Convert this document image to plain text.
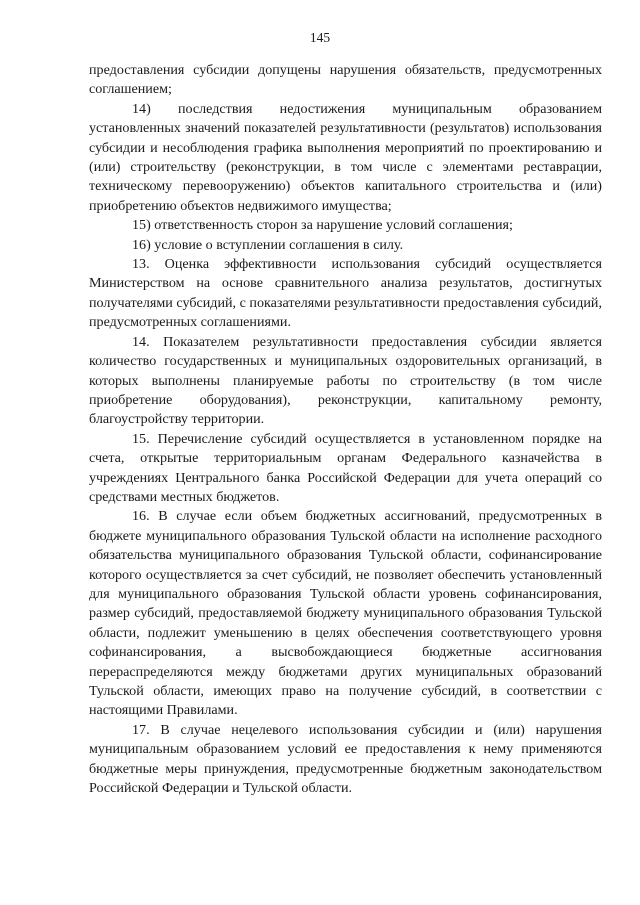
145

предоставления субсидии допущены нарушения обязательств, предусмотренных соглашением;

14) последствия недостижения муниципальным образованием установленных значений показателей результативности (результатов) использования субсидии и несоблюдения графика выполнения мероприятий по проектированию и (или) строительству (реконструкции, в том числе с элементами реставрации, техническому перевооружению) объектов капитального строительства и (или) приобретению объектов недвижимого имущества;

15) ответственность сторон за нарушение условий соглашения;

16) условие о вступлении соглашения в силу.

13. Оценка эффективности использования субсидий осуществляется Министерством на основе сравнительного анализа результатов, достигнутых получателями субсидий, с показателями результативности предоставления субсидий, предусмотренных соглашениями.

14. Показателем результативности предоставления субсидии является количество государственных и муниципальных оздоровительных организаций, в которых выполнены планируемые работы по строительству (в том числе приобретение оборудования), реконструкции, капитальному ремонту, благоустройству территории.

15. Перечисление субсидий осуществляется в установленном порядке на счета, открытые территориальным органам Федерального казначейства в учреждениях Центрального банка Российской Федерации для учета операций со средствами местных бюджетов.

16. В случае если объем бюджетных ассигнований, предусмотренных в бюджете муниципального образования Тульской области на исполнение расходного обязательства муниципального образования Тульской области, софинансирование которого осуществляется за счет субсидий, не позволяет обеспечить установленный для муниципального образования Тульской области уровень софинансирования, размер субсидий, предоставляемой бюджету муниципального образования Тульской области, подлежит уменьшению в целях обеспечения соответствующего уровня софинансирования, а высвобождающиеся бюджетные ассигнования перераспределяются между бюджетами других муниципальных образований Тульской области, имеющих право на получение субсидий, в соответствии с настоящими Правилами.

17. В случае нецелевого использования субсидии и (или) нарушения муниципальным образованием условий ее предоставления к нему применяются бюджетные меры принуждения, предусмотренные бюджетным законодательством Российской Федерации и Тульской области.
